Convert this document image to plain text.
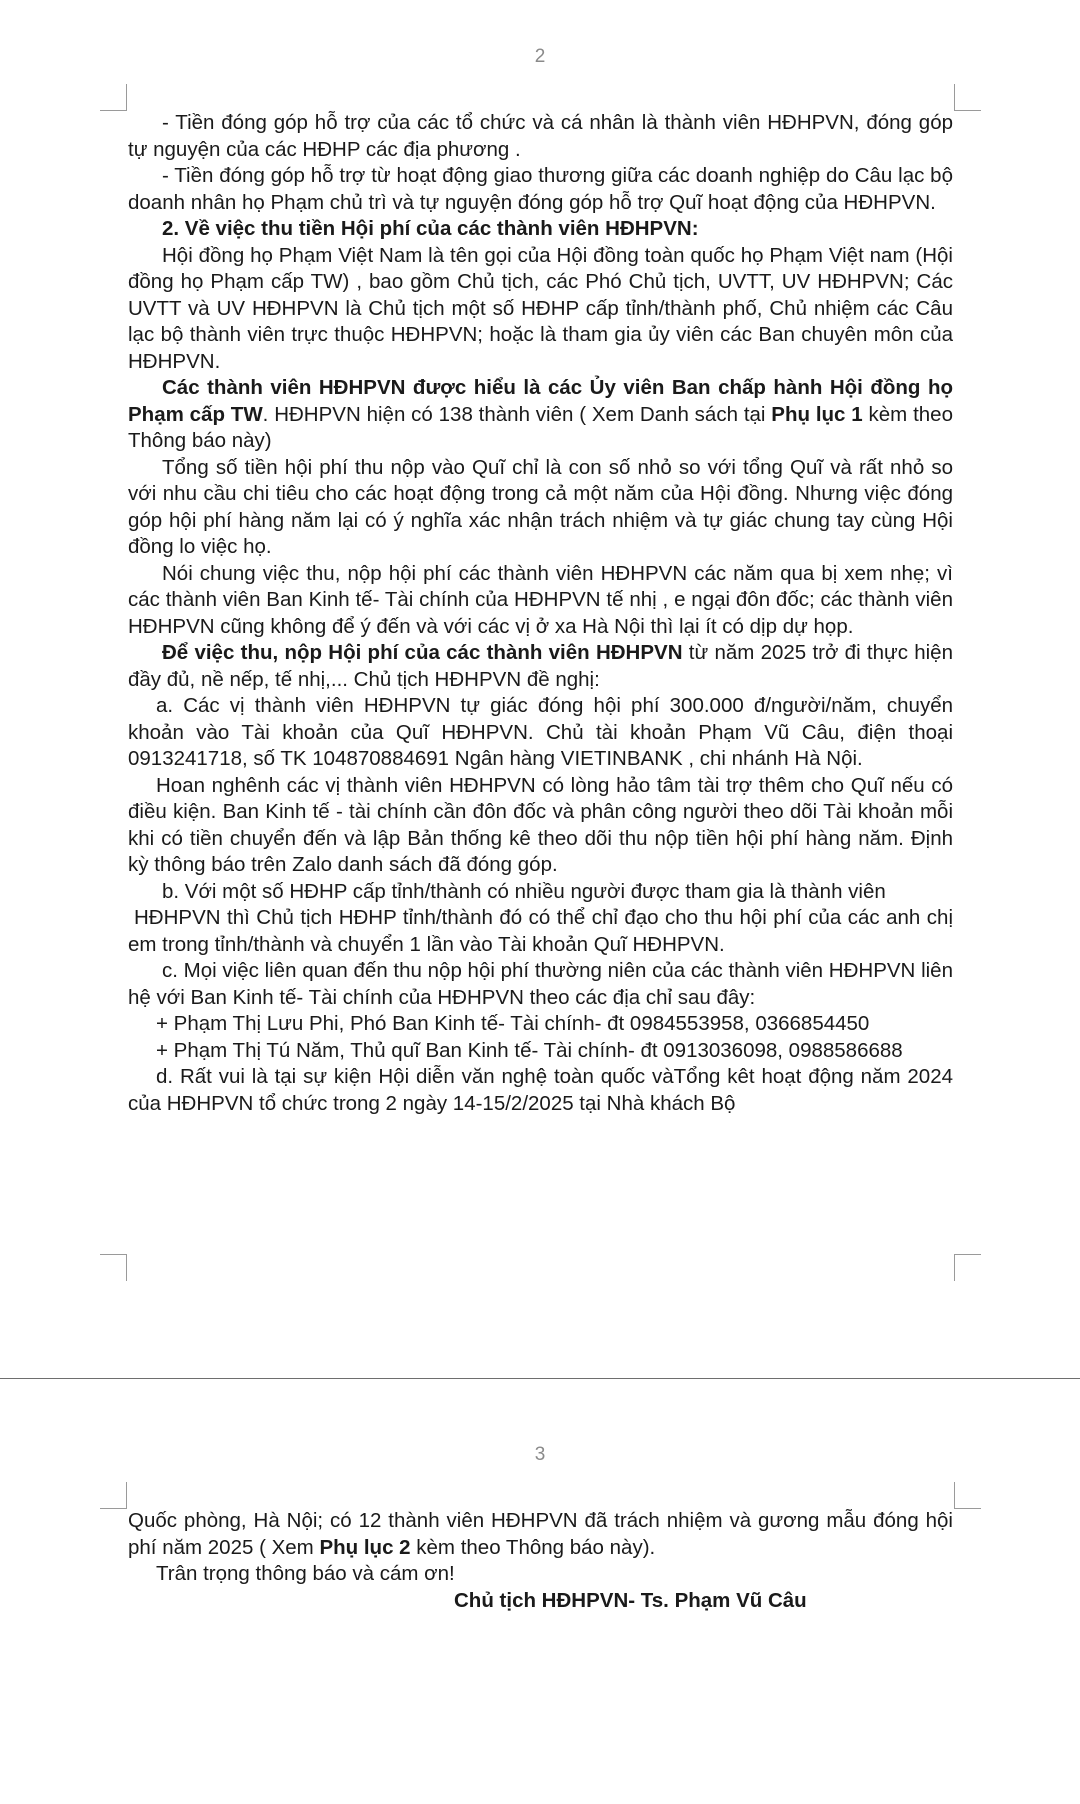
2

- Tiền đóng góp hỗ trợ của các tổ chức và cá nhân là thành viên HĐHPVN, đóng góp tự nguyện của các HĐHP các địa phương .

- Tiền đóng góp hỗ trợ từ hoạt động giao thương giữa các doanh nghiệp do Câu lạc bộ doanh nhân họ Phạm chủ trì và tự nguyện đóng góp hỗ trợ Quĩ hoạt động của HĐHPVN.

2. Về việc thu tiền Hội phí của các thành viên HĐHPVN:

Hội đồng họ Phạm Việt Nam là tên gọi của Hội đồng toàn quốc họ Phạm Việt nam (Hội đồng họ Phạm cấp TW) , bao gồm Chủ tịch, các Phó Chủ tịch, UVTT, UV HĐHPVN; Các UVTT và UV HĐHPVN là Chủ tịch một số HĐHP cấp tỉnh/thành phố, Chủ nhiệm các Câu lạc bộ thành viên trực thuộc HĐHPVN; hoặc là tham gia ủy viên các Ban chuyên môn của HĐHPVN.

Các thành viên HĐHPVN được hiểu là các Ủy viên Ban chấp hành Hội đồng họ Phạm cấp TW. HĐHPVN hiện có 138 thành viên ( Xem Danh sách tại Phụ lục 1 kèm theo Thông báo này)

Tổng số tiền hội phí thu nộp vào Quĩ chỉ là con số nhỏ so với tổng Quĩ và rất nhỏ so với nhu cầu chi tiêu cho các hoạt động trong cả một năm của Hội đồng. Nhưng việc đóng góp hội phí hàng năm lại có ý nghĩa xác nhận trách nhiệm và tự giác chung tay cùng Hội đồng lo việc họ.

Nói chung việc thu, nộp hội phí các thành viên HĐHPVN các năm qua bị xem nhẹ; vì các thành viên Ban Kinh tế- Tài chính của HĐHPVN tế nhị , e ngại đôn đốc; các thành viên HĐHPVN cũng không để ý đến và với các vị ở xa Hà Nội thì lại ít có dịp dự họp.

Để việc thu, nộp Hội phí của các thành viên HĐHPVN từ năm 2025 trở đi thực hiện đầy đủ, nề nếp, tế nhị,... Chủ tịch HĐHPVN đề nghị:

a. Các vị thành viên HĐHPVN tự giác đóng hội phí 300.000 đ/người/năm, chuyển khoản vào Tài khoản của Quĩ HĐHPVN. Chủ tài khoản Phạm Vũ Câu, điện thoại 0913241718, số TK 104870884691 Ngân hàng VIETINBANK , chi nhánh Hà Nội.

Hoan nghênh các vị thành viên HĐHPVN có lòng hảo tâm tài trợ thêm cho Quĩ nếu có điều kiện. Ban Kinh tế - tài chính cần đôn đốc và phân công người theo dõi Tài khoản mỗi khi có tiền chuyển đến và lập Bản thống kê theo dõi thu nộp tiền hội phí hàng năm. Định kỳ thông báo trên Zalo danh sách đã đóng góp.

b. Với một số HĐHP cấp tỉnh/thành có nhiều người được tham gia là thành viên

HĐHPVN thì Chủ tịch HĐHP tỉnh/thành đó có thể chỉ đạo cho thu hội phí của các anh chị em trong tỉnh/thành và chuyển 1 lần vào Tài khoản Quĩ HĐHPVN.

c. Mọi việc liên quan đến thu nộp hội phí thường niên của các thành viên HĐHPVN liên hệ với Ban Kinh tế- Tài chính của HĐHPVN theo các địa chỉ sau đây:

+ Phạm Thị Lưu Phi, Phó Ban Kinh tế- Tài chính- đt 0984553958, 0366854450

+ Phạm Thị Tú Năm, Thủ quĩ Ban Kinh tế- Tài chính- đt 0913036098, 0988586688

d. Rất vui là tại sự kiện Hội diễn văn nghệ toàn quốc vàTổng kêt hoạt động năm 2024 của HĐHPVN tổ chức trong 2 ngày 14-15/2/2025 tại Nhà khách Bộ

3

Quốc phòng, Hà Nội; có 12 thành viên HĐHPVN đã trách nhiệm và gương mẫu đóng hội phí năm 2025 ( Xem Phụ lục 2 kèm theo Thông báo này).

Trân trọng thông báo và cám ơn!

Chủ tịch HĐHPVN- Ts. Phạm Vũ Câu
